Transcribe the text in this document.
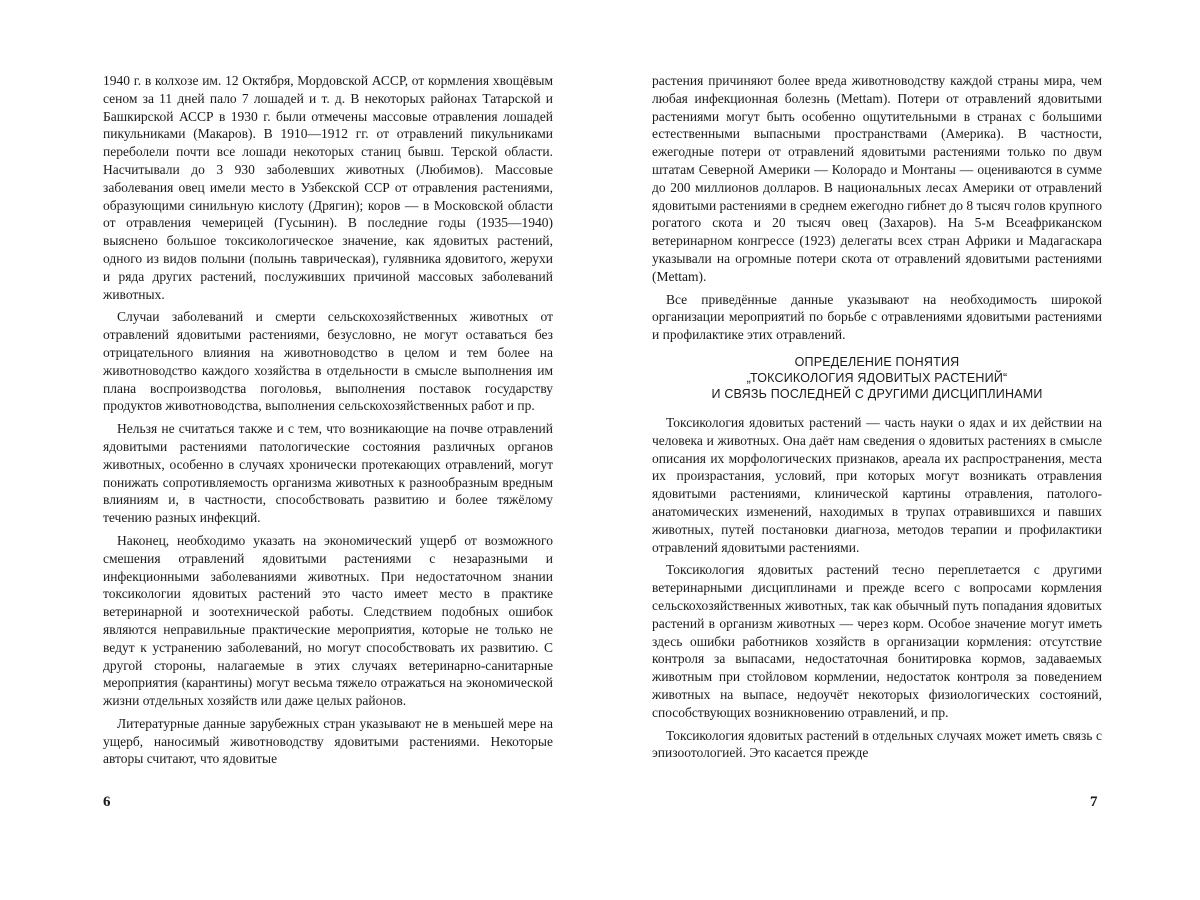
1940 г. в колхозе им. 12 Октября, Мордовской АССР, от кормления хвощёвым сеном за 11 дней пало 7 лошадей и т. д. В некоторых районах Татарской и Башкирской АССР в 1930 г. были отмечены массовые отравления лошадей пикульниками (Макаров). В 1910—1912 гг. от отравлений пикульниками переболели почти все лошади некоторых станиц бывш. Терской области. Насчитывали до 3 930 заболевших животных (Любимов). Массовые заболевания овец имели место в Узбекской ССР от отравления растениями, образующими синильную кислоту (Дрягин); коров — в Московской области от отравления чемерицей (Гусынин). В последние годы (1935—1940) выяснено большое токсикологическое значение, как ядовитых растений, одного из видов полыни (полынь таврическая), гулявника ядовитого, жерухи и ряда других растений, послуживших причиной массовых заболеваний животных.

Случаи заболеваний и смерти сельскохозяйственных животных от отравлений ядовитыми растениями, безусловно, не могут оставаться без отрицательного влияния на животноводство в целом и тем более на животноводство каждого хозяйства в отдельности в смысле выполнения им плана воспроизводства поголовья, выполнения поставок государству продуктов животноводства, выполнения сельскохозяйственных работ и пр.

Нельзя не считаться также и с тем, что возникающие на почве отравлений ядовитыми растениями патологические состояния различных органов животных, особенно в случаях хронически протекающих отравлений, могут понижать сопротивляемость организма животных к разнообразным вредным влияниям и, в частности, способствовать развитию и более тяжёлому течению разных инфекций.

Наконец, необходимо указать на экономический ущерб от возможного смешения отравлений ядовитыми растениями с незаразными и инфекционными заболеваниями животных. При недостаточном знании токсикологии ядовитых растений это часто имеет место в практике ветеринарной и зоотехнической работы. Следствием подобных ошибок являются неправильные практические мероприятия, которые не только не ведут к устранению заболеваний, но могут способствовать их развитию. С другой стороны, налагаемые в этих случаях ветеринарно-санитарные мероприятия (карантины) могут весьма тяжело отражаться на экономической жизни отдельных хозяйств или даже целых районов.

Литературные данные зарубежных стран указывают не в меньшей мере на ущерб, наносимый животноводству ядовитыми растениями. Некоторые авторы считают, что ядовитые

6

растения причиняют более вреда животноводству каждой страны мира, чем любая инфекционная болезнь (Mettam). Потери от отравлений ядовитыми растениями могут быть особенно ощутительными в странах с большими естественными выпасными пространствами (Америка). В частности, ежегодные потери от отравлений ядовитыми растениями только по двум штатам Северной Америки — Колорадо и Монтаны — оцениваются в сумме до 200 миллионов долларов. В национальных лесах Америки от отравлений ядовитыми растениями в среднем ежегодно гибнет до 8 тысяч голов крупного рогатого скота и 20 тысяч овец (Захаров). На 5-м Всеафриканском ветеринарном конгрессе (1923) делегаты всех стран Африки и Мадагаскара указывали на огромные потери скота от отравлений ядовитыми растениями (Mettam).

Все приведённые данные указывают на необходимость широкой организации мероприятий по борьбе с отравлениями ядовитыми растениями и профилактике этих отравлений.

ОПРЕДЕЛЕНИЕ ПОНЯТИЯ
„ТОКСИКОЛОГИЯ ЯДОВИТЫХ РАСТЕНИЙ“
И СВЯЗЬ ПОСЛЕДНЕЙ С ДРУГИМИ ДИСЦИПЛИНАМИ

Токсикология ядовитых растений — часть науки о ядах и их действии на человека и животных. Она даёт нам сведения о ядовитых растениях в смысле описания их морфологических признаков, ареала их распространения, места их произрастания, условий, при которых могут возникать отравления ядовитыми растениями, клинической картины отравления, патолого-анатомических изменений, находимых в трупах отравившихся и павших животных, путей постановки диагноза, методов терапии и профилактики отравлений ядовитыми растениями.

Токсикология ядовитых растений тесно переплетается с другими ветеринарными дисциплинами и прежде всего с вопросами кормления сельскохозяйственных животных, так как обычный путь попадания ядовитых растений в организм животных — через корм. Особое значение могут иметь здесь ошибки работников хозяйств в организации кормления: отсутствие контроля за выпасами, недостаточная бонитировка кормов, задаваемых животным при стойловом кормлении, недостаток контроля за поведением животных на выпасе, недоучёт некоторых физиологических состояний, способствующих возникновению отравлений, и пр.

Токсикология ядовитых растений в отдельных случаях может иметь связь с эпизоотологией. Это касается прежде

7
